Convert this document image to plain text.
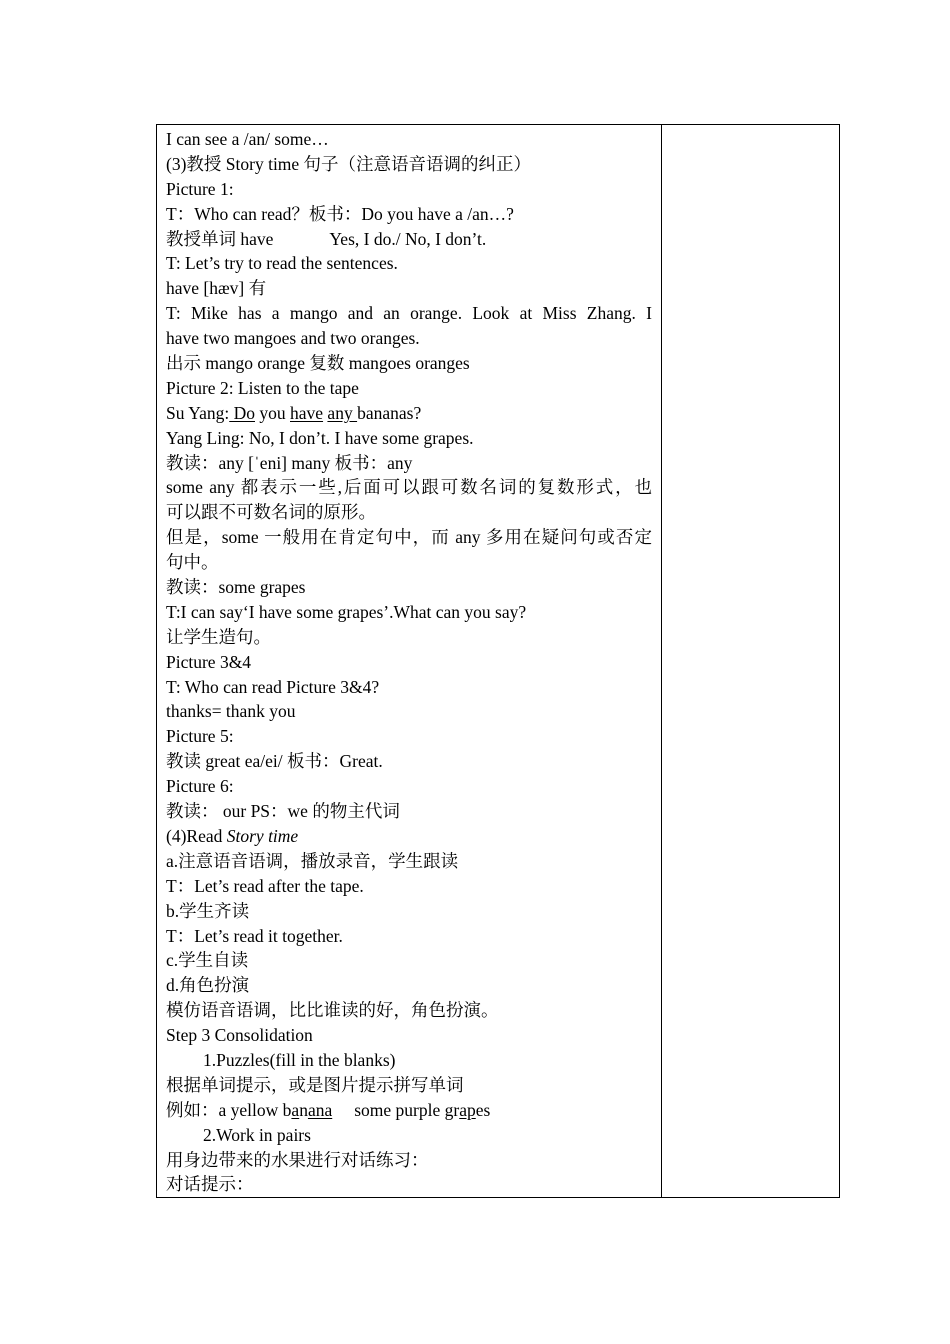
I can see a /an/ some…
(3)教授 Story time 句子（注意语音语调的纠正）
Picture 1:
T：Who can read？板书：Do you have a /an…?
教授单词 have	Yes, I do./ No, I don’t.
T: Let’s try to read the sentences.
have [hæv] 有
T: Mike has a mango and an orange. Look at Miss Zhang. I
have two mangoes and two oranges.
出示 mango orange 复数 mangoes oranges
Picture 2: Listen to the tape
Su Yang: Do you have any bananas?
Yang Ling: No, I don’t. I have some grapes.
教读：any [ˈeni] many 板书：any
some any 都表示一些,后面可以跟可数名词的复数形式，也
可以跟不可数名词的原形。
但是，some 一般用在肯定句中，而 any 多用在疑问句或否定
句中。
教读：some grapes
T:I can say‘I have some grapes’.What can you say?
让学生造句。
Picture 3&4
T: Who can read Picture 3&4?
thanks= thank you
Picture 5:
教读 great ea/ei/ 板书：Great.
Picture 6:
教读： our PS：we 的物主代词
(4)Read Story time
a.注意语音语调，播放录音，学生跟读
T：Let’s read after the tape.
b.学生齐读
T：Let’s read it together.
c.学生自读
d.角色扮演
模仿语音语调，比比谁读的好，角色扮演。
Step 3 Consolidation
1.Puzzles(fill in the blanks)
根据单词提示，或是图片提示拼写单词
例如：a yellow banana some purple grapes
2.Work in pairs
用身边带来的水果进行对话练习：
对话提示：
